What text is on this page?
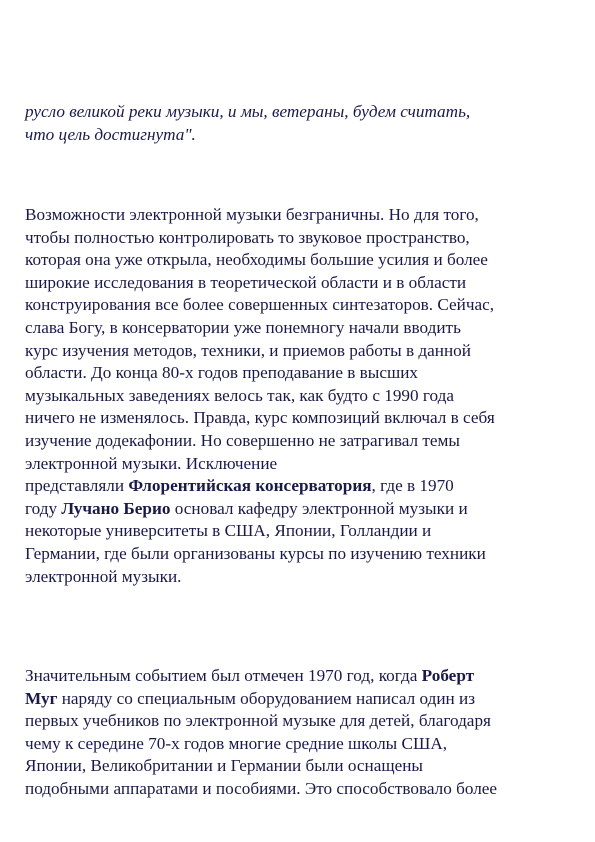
русло великой реки музыки, и мы, ветераны, будем считать,
что цель достигнута".
Возможности электронной музыки безграничны. Но для того,
чтобы полностью контролировать то звуковое пространство,
которая она уже открыла, необходимы большие усилия и более
широкие исследования в теоретической области и в области
конструирования все более совершенных синтезаторов. Сейчас,
слава Богу, в консерватории уже понемногу начали вводить
курс изучения методов, техники, и приемов работы в данной
области. До конца 80-х годов преподавание в высших
музыкальных заведениях велось так, как будто с 1990 года
ничего не изменялось. Правда, курс композиций включал в себя
изучение додекафонии. Но совершенно не затрагивал темы
электронной музыки. Исключение
представляли Флорентийская консерватория, где в 1970
году Лучано Берио основал кафедру электронной музыки и
некоторые университеты в США, Японии, Голландии и
Германии, где были организованы курсы по изучению техники
электронной музыки.
Значительным событием был отмечен 1970 год, когда Роберт
Муг наряду со специальным оборудованием написал один из
первых учебников по электронной музыке для детей, благодаря
чему к середине 70-х годов многие средние школы США,
Японии, Великобритании и Германии были оснащены
подобными аппаратами и пособиями. Это способствовало более
